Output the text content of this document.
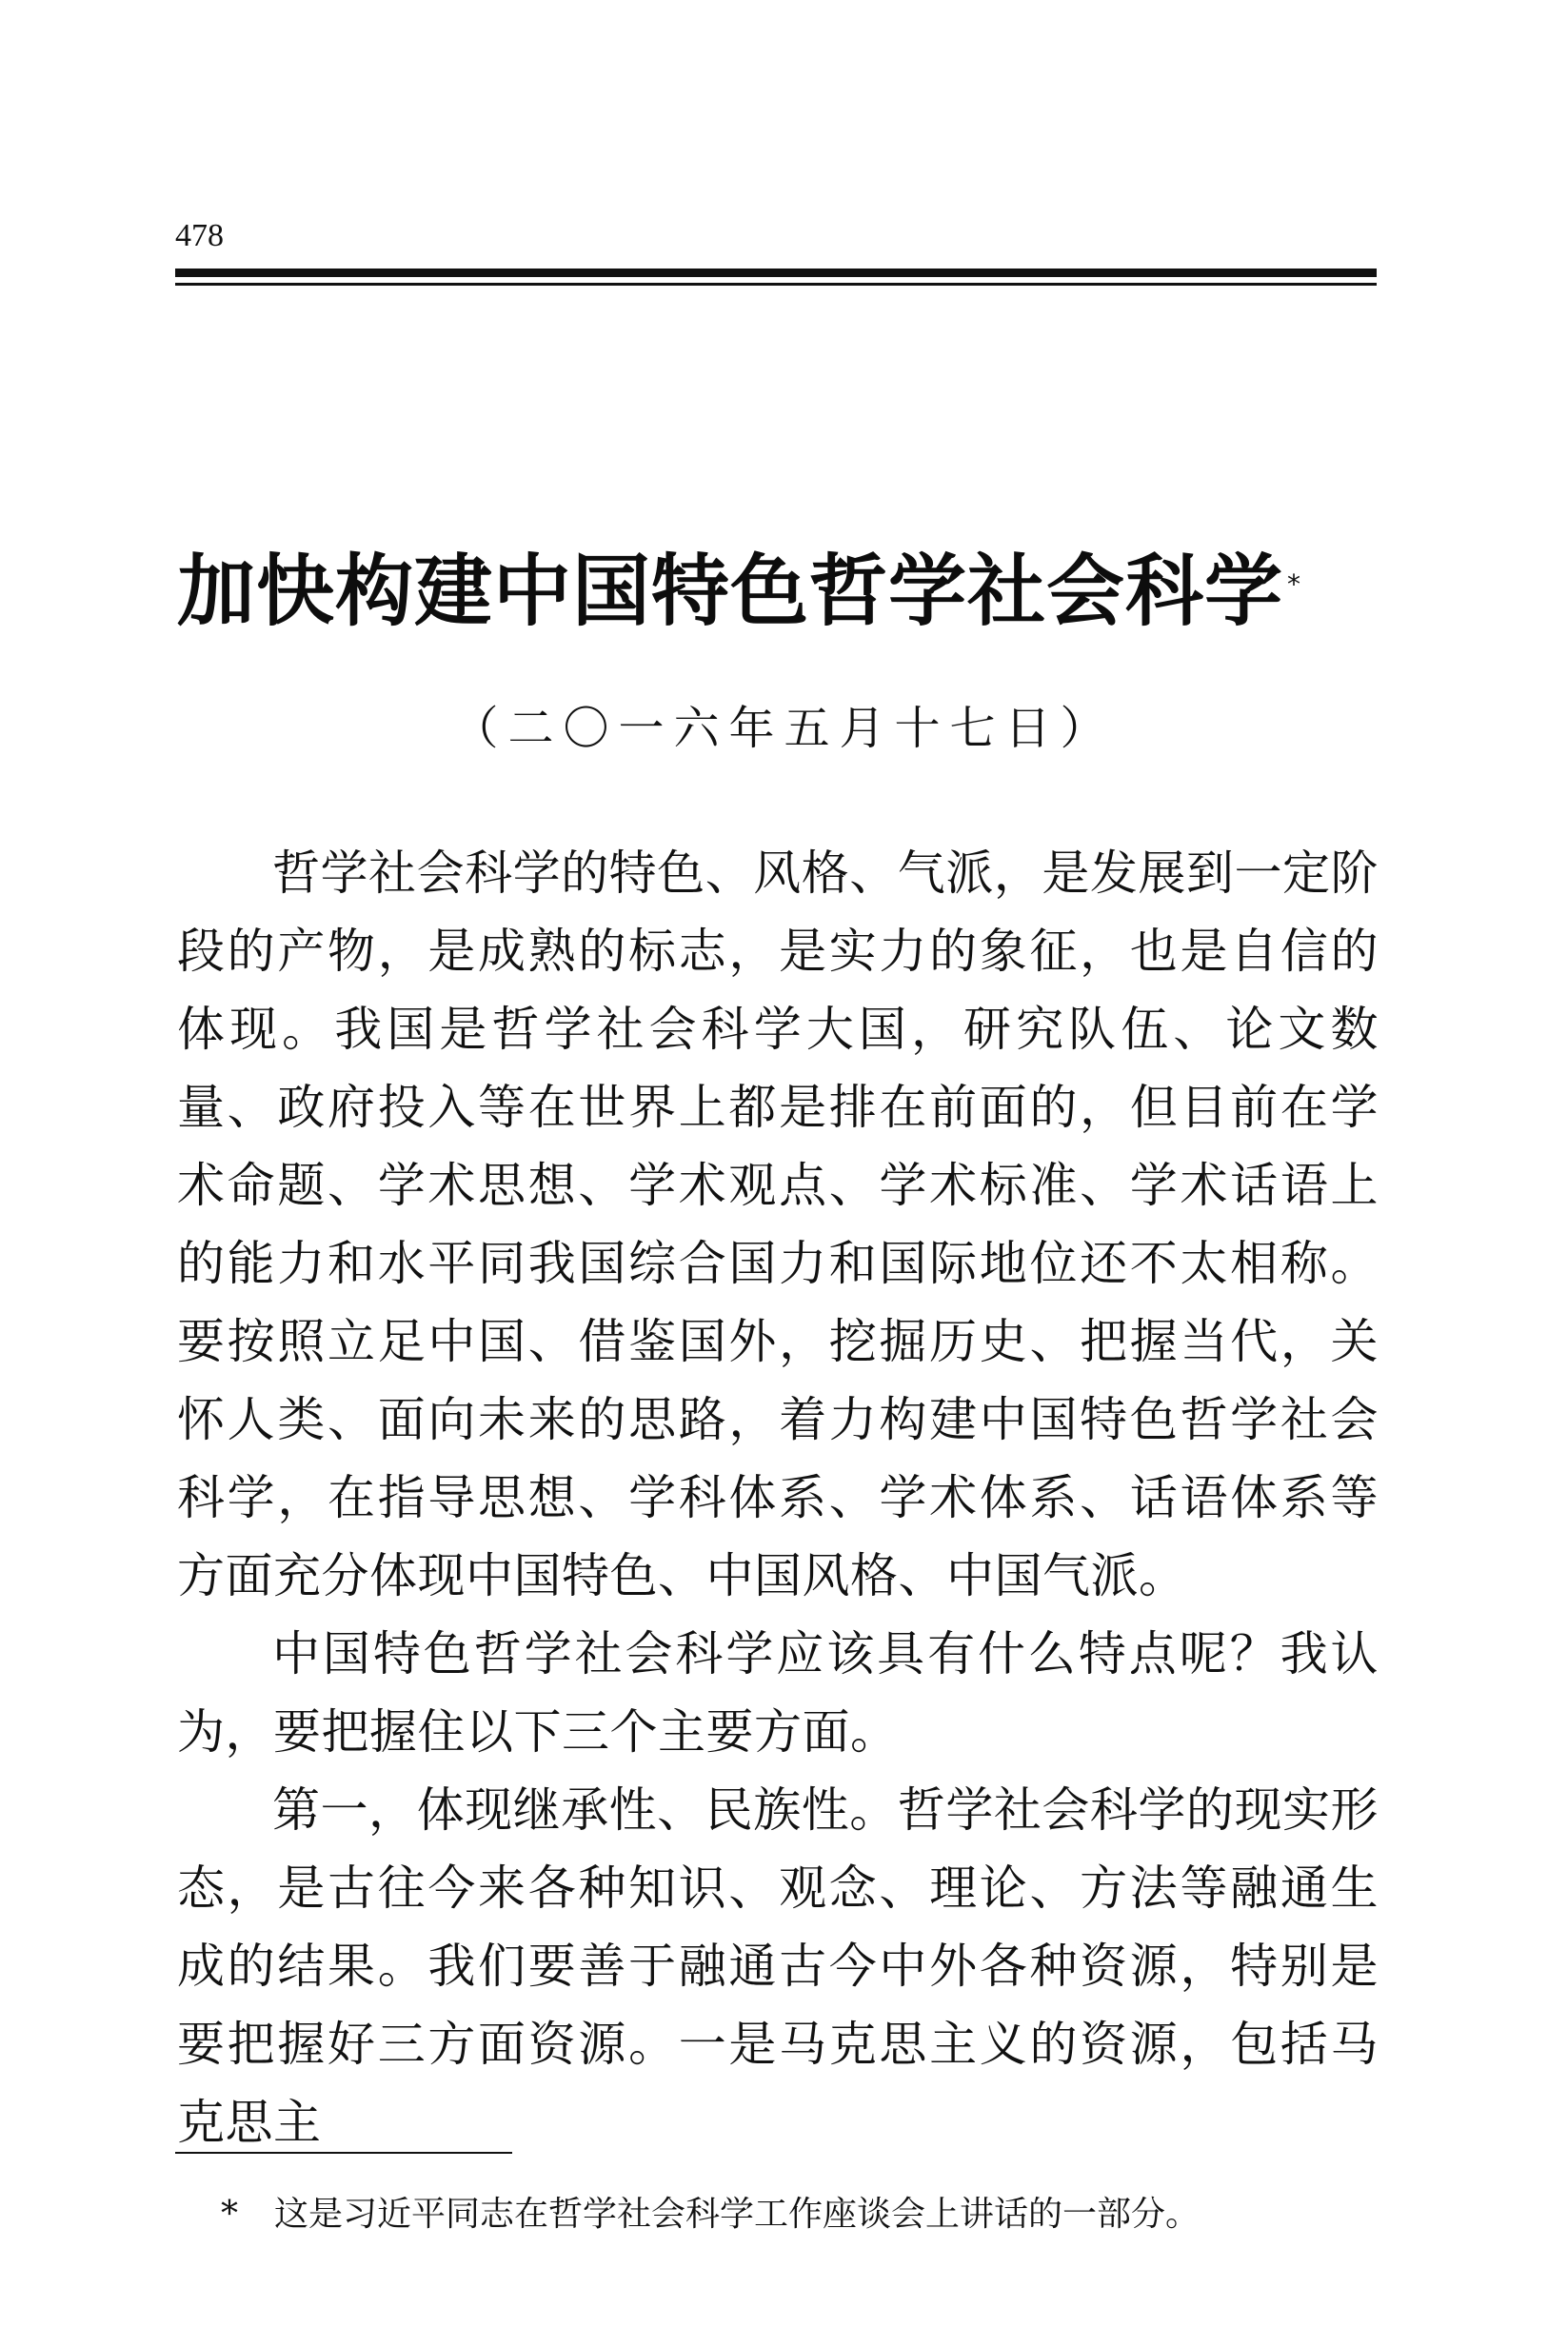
478
加快构建中国特色哲学社会科学 *
（二〇一六年五月十七日）

哲学社会科学的特色、风格、气派，是发展到一定阶段的产物，是成熟的标志，是实力的象征，也是自信的体现。我国是哲学社会科学大国，研究队伍、论文数量、政府投入等在世界上都是排在前面的，但目前在学术命题、学术思想、学术观点、学术标准、学术话语上的能力和水平同我国综合国力和国际地位还不太相称。要按照立足中国、借鉴国外，挖掘历史、把握当代，关怀人类、面向未来的思路，着力构建中国特色哲学社会科学，在指导思想、学科体系、学术体系、话语体系等方面充分体现中国特色、中国风格、中国气派。

中国特色哲学社会科学应该具有什么特点呢？我认为，要把握住以下三个主要方面。

第一，体现继承性、民族性。哲学社会科学的现实形态，是古往今来各种知识、观念、理论、方法等融通生成的结果。我们要善于融通古今中外各种资源，特别是要把握好三方面资源。一是马克思主义的资源，包括马克思主

* 这是习近平同志在哲学社会科学工作座谈会上讲话的一部分。
